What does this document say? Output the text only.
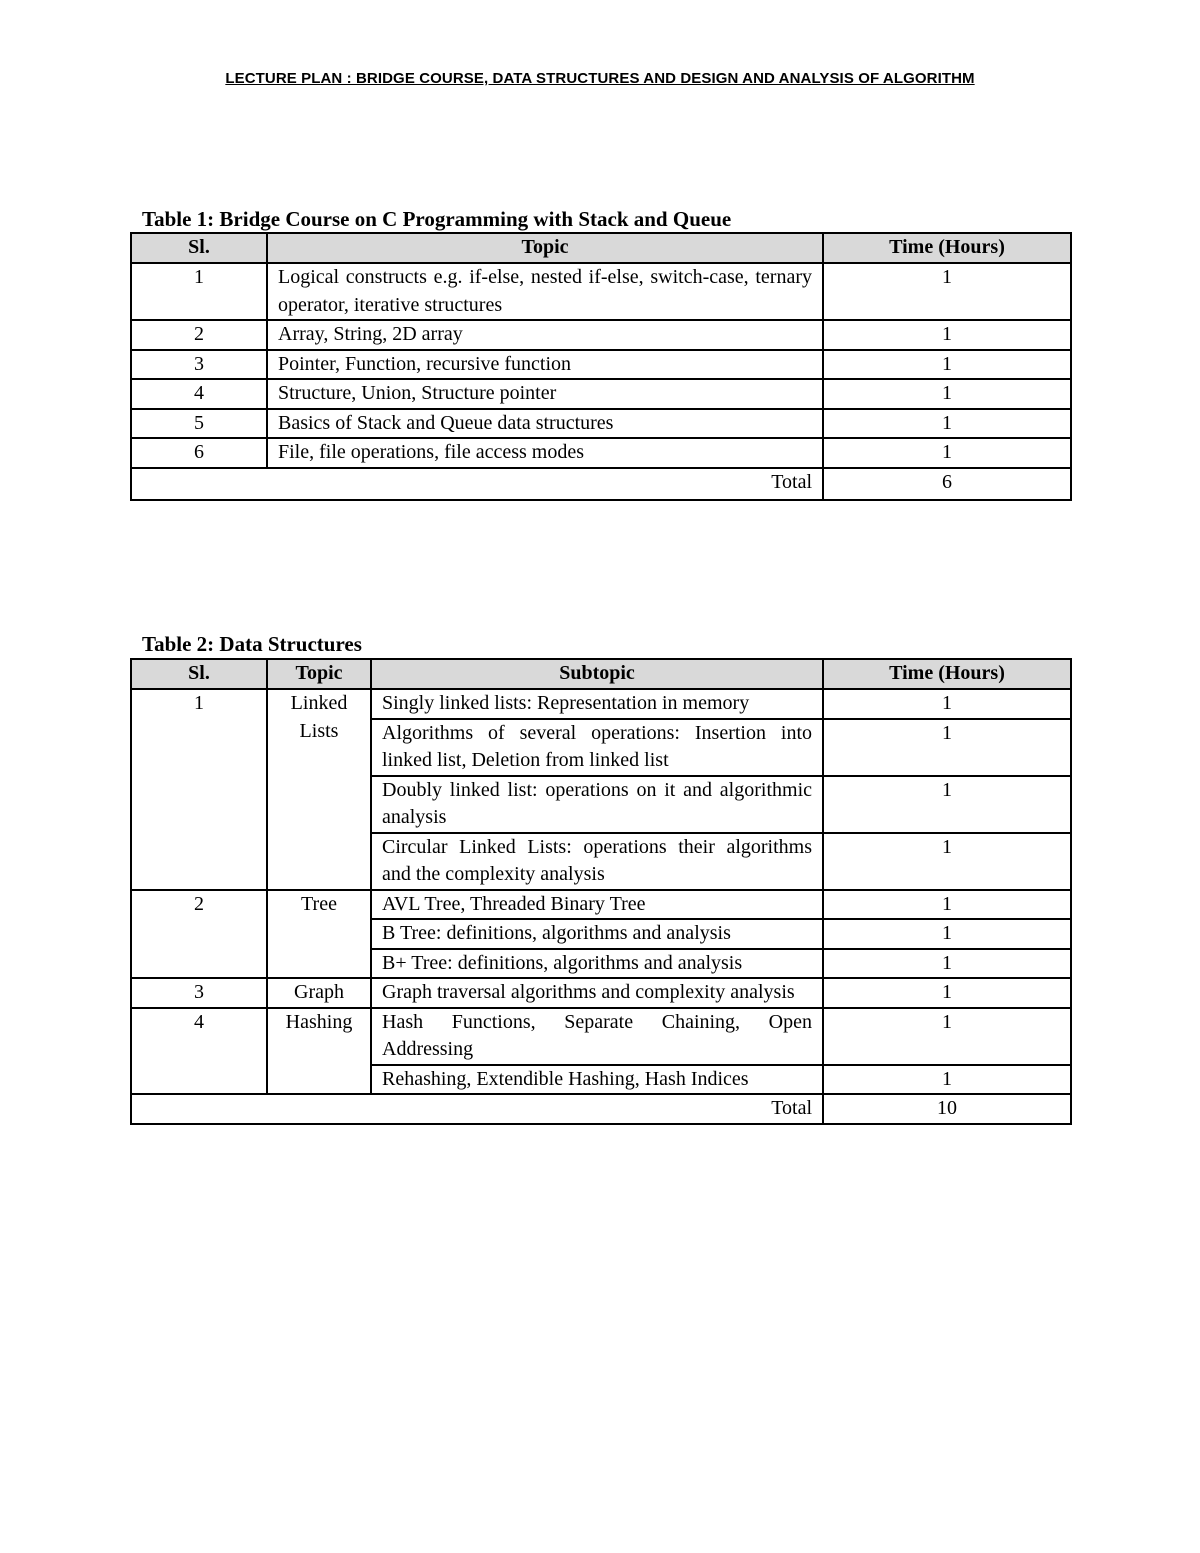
LECTURE PLAN : BRIDGE COURSE, DATA STRUCTURES AND DESIGN AND ANALYSIS OF ALGORITHM
Table 1: Bridge Course on C Programming with Stack and Queue
Sl.	Topic	Time (Hours)
1	Logical constructs e.g. if-else, nested if-else, switch-case, ternary operator, iterative structures	1
2	Array, String, 2D array	1
3	Pointer, Function, recursive function	1
4	Structure, Union, Structure pointer	1
5	Basics of Stack and Queue data structures	1
6	File, file operations, file access modes	1
Total		6
Table 2: Data Structures
Sl.	Topic	Subtopic	Time (Hours)
1	Linked Lists	Singly linked lists: Representation in memory	1
		Algorithms of several operations: Insertion into linked list, Deletion from linked list	1
		Doubly linked list: operations on it and algorithmic analysis	1
		Circular Linked Lists: operations their algorithms and the complexity analysis	1
2	Tree	AVL Tree, Threaded Binary Tree	1
		B Tree: definitions, algorithms and analysis	1
		B+ Tree: definitions, algorithms and analysis	1
3	Graph	Graph traversal algorithms and complexity analysis	1
4	Hashing	Hash Functions, Separate Chaining, Open Addressing	1
		Rehashing, Extendible Hashing, Hash Indices	1
Total			10
